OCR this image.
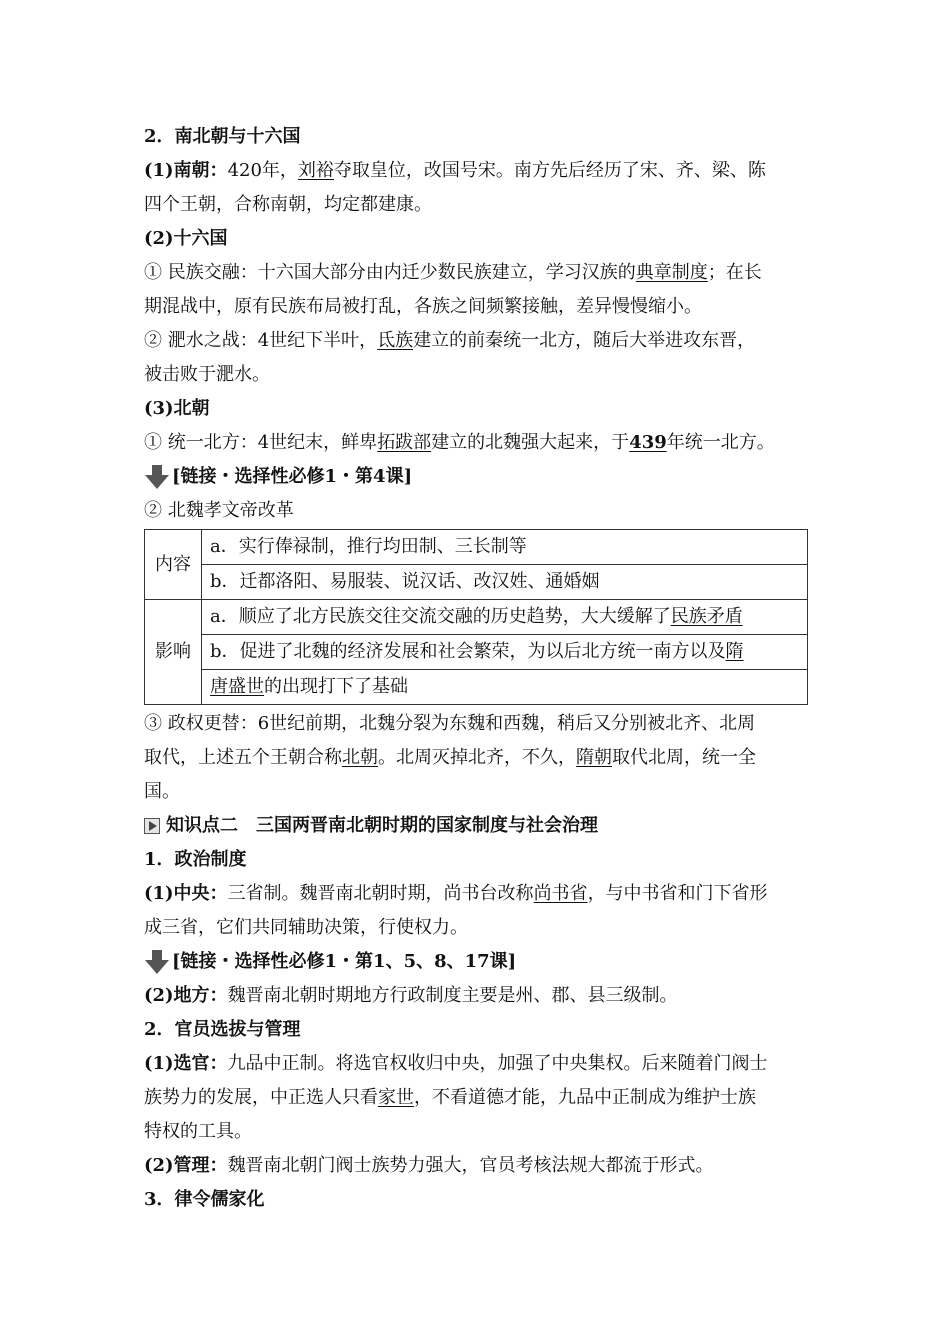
2．南北朝与十六国
(1)南朝：420年，刘裕夺取皇位，改国号宋。南方先后经历了宋、齐、梁、陈
四个王朝，合称南朝，均定都建康。
(2)十六国
① 民族交融：十六国大部分由内迁少数民族建立，学习汉族的典章制度；在长
期混战中，原有民族布局被打乱，各族之间频繁接触，差异慢慢缩小。
② 淝水之战：4世纪下半叶，氐族建立的前秦统一北方，随后大举进攻东晋，
被击败于淝水。
(3)北朝
① 统一北方：4世纪末，鲜卑拓跋部建立的北魏强大起来，于439年统一北方。
[链接・选择性必修1・第4课]
② 北魏孝文帝改革
内容	a．实行俸禄制，推行均田制、三长制等
	b．迁都洛阳、易服装、说汉话、改汉姓、通婚姻
影响	a．顺应了北方民族交往交流交融的历史趋势，大大缓解了民族矛盾
	b．促进了北魏的经济发展和社会繁荣，为以后北方统一南方以及隋
	唐盛世的出现打下了基础
③ 政权更替：6世纪前期，北魏分裂为东魏和西魏，稍后又分别被北齐、北周
取代，上述五个王朝合称北朝。北周灭掉北齐，不久，隋朝取代北周，统一全
国。
知识点二 三国两晋南北朝时期的国家制度与社会治理
1．政治制度
(1)中央：三省制。魏晋南北朝时期，尚书台改称尚书省，与中书省和门下省形
成三省，它们共同辅助决策，行使权力。
[链接・选择性必修1・第1、5、8、17课]
(2)地方：魏晋南北朝时期地方行政制度主要是州、郡、县三级制。
2．官员选拔与管理
(1)选官：九品中正制。将选官权收归中央，加强了中央集权。后来随着门阀士
族势力的发展，中正选人只看家世，不看道德才能，九品中正制成为维护士族
特权的工具。
(2)管理：魏晋南北朝门阀士族势力强大，官员考核法规大都流于形式。
3．律令儒家化
